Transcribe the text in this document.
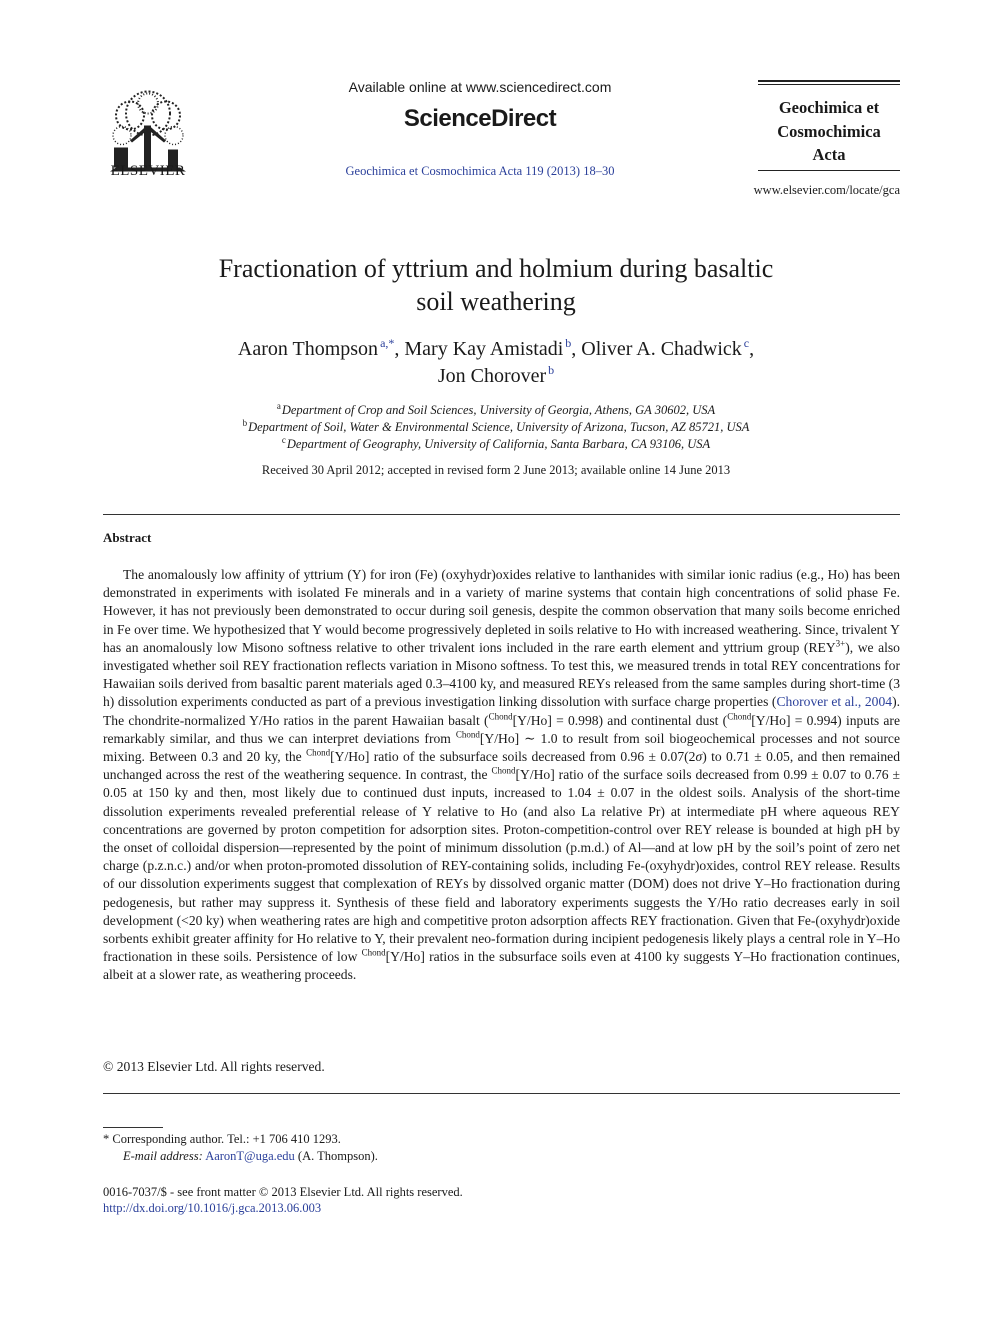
ELSEVIER
Available online at www.sciencedirect.com
ScienceDirect
Geochimica et Cosmochimica Acta 119 (2013) 18–30
Geochimica et
Cosmochimica
Acta
www.elsevier.com/locate/gca
Fractionation of yttrium and holmium during basaltic
soil weathering
Aaron Thompson $^{a,*}$, Mary Kay Amistadi $^b$, Oliver A. Chadwick $^c$,
Jon Chorover $^b$
$^a$Department of Crop and Soil Sciences, University of Georgia, Athens, GA 30602, USA
$^b$Department of Soil, Water & Environmental Science, University of Arizona, Tucson, AZ 85721, USA
$^c$Department of Geography, University of California, Santa Barbara, CA 93106, USA
Received 30 April 2012; accepted in revised form 2 June 2013; available online 14 June 2013
Abstract

The anomalously low affinity of yttrium (Y) for iron (Fe) (oxyhydr)oxides relative to lanthanides with similar ionic radius (e.g., Ho) has been demonstrated in experiments with isolated Fe minerals and in a variety of marine systems that contain high concentrations of solid phase Fe. However, it has not previously been demonstrated to occur during soil genesis, despite the common observation that many soils become enriched in Fe over time. We hypothesized that Y would become progressively depleted in soils relative to Ho with increased weathering. Since, trivalent Y has an anomalously low Misono softness relative to other trivalent ions included in the rare earth element and yttrium group $(REY^{3+})$, we also investigated whether soil REY fractionation reflects variation in Misono softness. To test this, we measured trends in total REY concentrations for Hawaiian soils derived from basaltic parent materials aged 0.3–4100 ky, and measured REYs released from the same samples during short-time (3 h) dissolution experiments conducted as part of a previous investigation linking dissolution with surface charge properties (Chorover et al., 2004). The chondrite-normalized Y/Ho ratios in the parent Hawaiian basalt ($^{Chond}$[Y/Ho] = 0.998) and continental dust ($^{Chond}$[Y/Ho] = 0.994) inputs are remarkably similar, and thus we can interpret deviations from $^{Chond}$[Y/Ho] ∼ 1.0 to result from soil biogeochemical processes and not source mixing. Between 0.3 and 20 ky, the $^{Chond}$[Y/Ho] ratio of the subsurface soils decreased from 0.96 ± 0.07(2σ) to 0.71 ± 0.05, and then remained unchanged across the rest of the weathering sequence. In contrast, the $^{Chond}$[Y/Ho] ratio of the surface soils decreased from 0.99 ± 0.07 to 0.76 ± 0.05 at 150 ky and then, most likely due to continued dust inputs, increased to 1.04 ± 0.07 in the oldest soils. Analysis of the short-time dissolution experiments revealed preferential release of Y relative to Ho (and also La relative Pr) at intermediate pH where aqueous REY concentrations are governed by proton competition for adsorption sites. Proton-competition-control over REY release is bounded at high pH by the onset of colloidal dispersion—represented by the point of minimum dissolution (p.m.d.) of Al—and at low pH by the soil’s point of zero net charge (p.z.n.c.) and/or when proton-promoted dissolution of REY-containing solids, including Fe-(oxyhydr)oxides, control REY release. Results of our dissolution experiments suggest that complexation of REYs by dissolved organic matter (DOM) does not drive Y–Ho fractionation during pedogenesis, but rather may suppress it. Synthesis of these field and laboratory experiments suggests the Y/Ho ratio decreases early in soil development (<20 ky) when weathering rates are high and competitive proton adsorption affects REY fractionation. Given that Fe-(oxyhydr)oxide sorbents exhibit greater affinity for Ho relative to Y, their prevalent neo-formation during incipient pedogenesis likely plays a central role in Y–Ho fractionation in these soils. Persistence of low $^{Chond}$[Y/Ho] ratios in the subsurface soils even at 4100 ky suggests Y–Ho fractionation continues, albeit at a slower rate, as weathering proceeds.

© 2013 Elsevier Ltd. All rights reserved.
* Corresponding author. Tel.: +1 706 410 1293.
E-mail address: AaronT@uga.edu (A. Thompson).
0016-7037/$ - see front matter © 2013 Elsevier Ltd. All rights reserved.
http://dx.doi.org/10.1016/j.gca.2013.06.003
